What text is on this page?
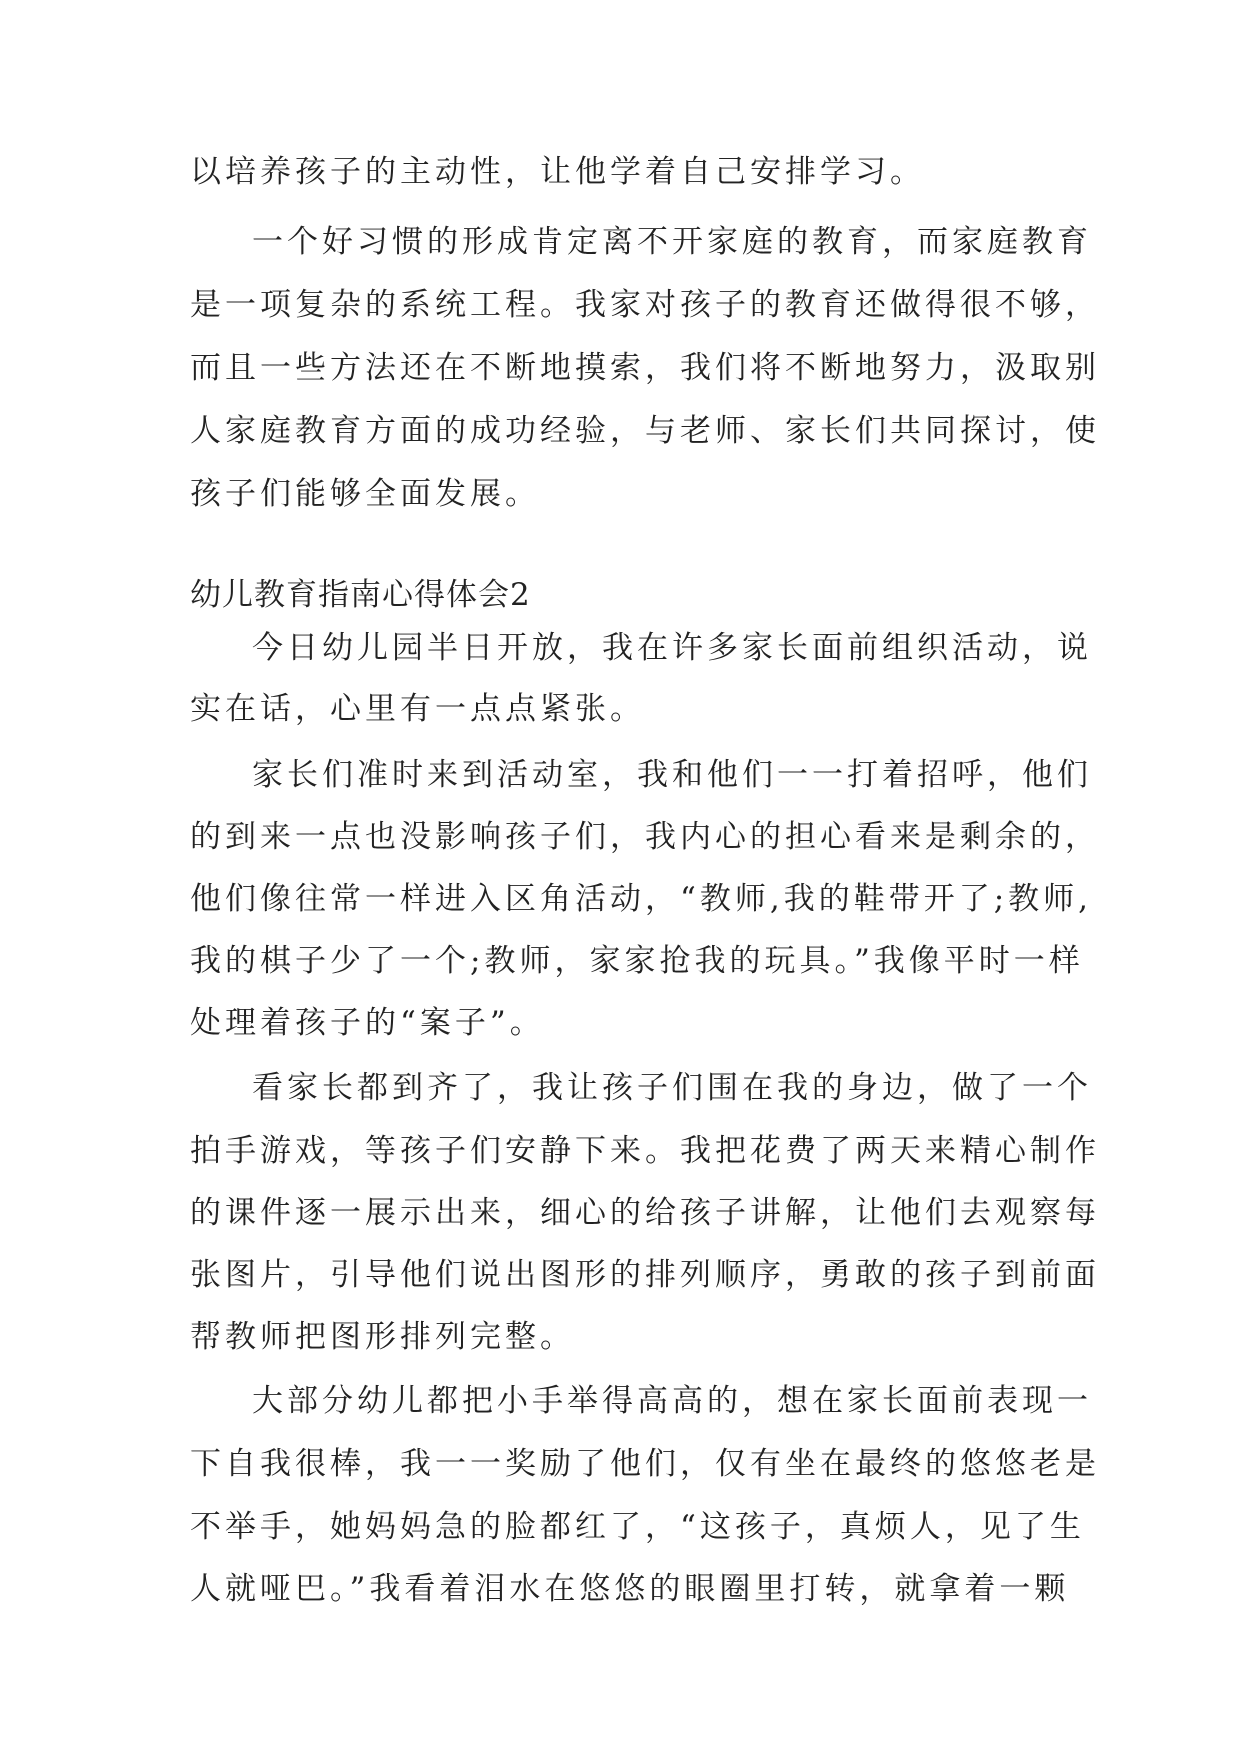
以培养孩子的主动性，让他学着自己安排学习。

一个好习惯的形成肯定离不开家庭的教育，而家庭教育

是一项复杂的系统工程。我家对孩子的教育还做得很不够，

而且一些方法还在不断地摸索，我们将不断地努力，汲取别

人家庭教育方面的成功经验，与老师、家长们共同探讨，使

孩子们能够全面发展。

幼儿教育指南心得体会2

今日幼儿园半日开放，我在许多家长面前组织活动，说

实在话，心里有一点点紧张。

家长们准时来到活动室，我和他们一一打着招呼，他们

的到来一点也没影响孩子们，我内心的担心看来是剩余的，

他们像往常一样进入区角活动，“教师,我的鞋带开了;教师,

我的棋子少了一个;教师，家家抢我的玩具。”我像平时一样

处理着孩子的“案子”。

看家长都到齐了，我让孩子们围在我的身边，做了一个

拍手游戏，等孩子们安静下来。我把花费了两天来精心制作

的课件逐一展示出来，细心的给孩子讲解，让他们去观察每

张图片，引导他们说出图形的排列顺序，勇敢的孩子到前面

帮教师把图形排列完整。

大部分幼儿都把小手举得高高的，想在家长面前表现一

下自我很棒，我一一奖励了他们，仅有坐在最终的悠悠老是

不举手，她妈妈急的脸都红了，“这孩子，真烦人，见了生

人就哑巴。”我看着泪水在悠悠的眼圈里打转，就拿着一颗
